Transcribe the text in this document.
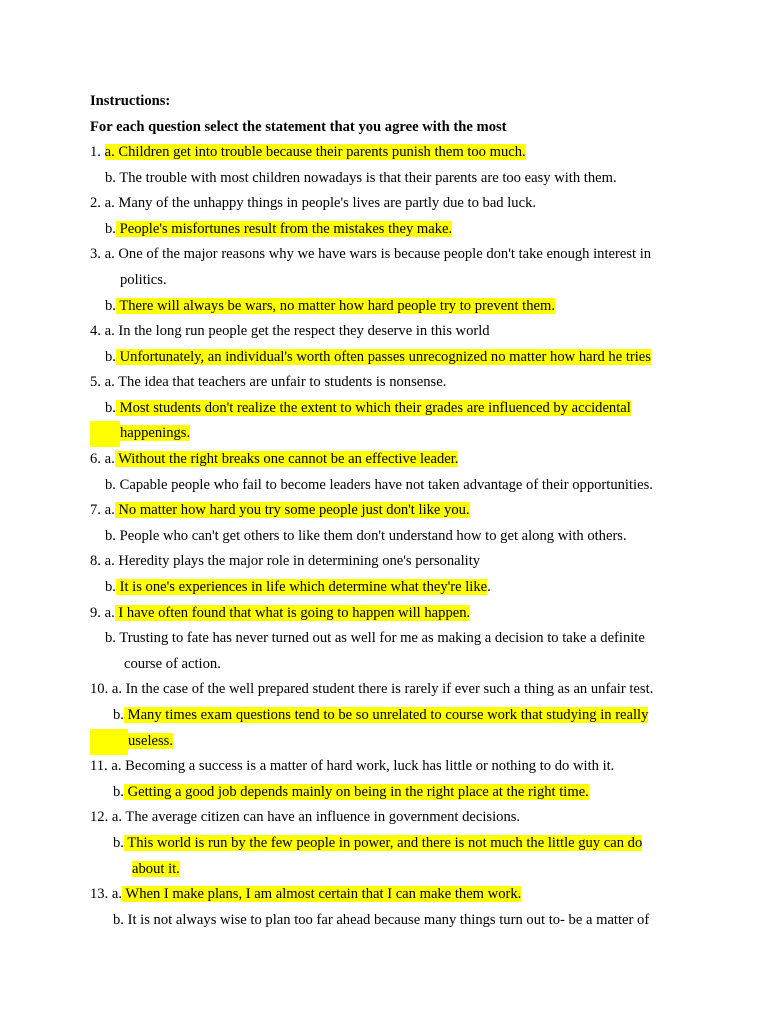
Instructions:
For each question select the statement that you agree with the most
1. a. Children get into trouble because their parents punish them too much.
b. The trouble with most children nowadays is that their parents are too easy with them.
2. a. Many of the unhappy things in people's lives are partly due to bad luck.
b. People's misfortunes result from the mistakes they make.
3. a. One of the major reasons why we have wars is because people don't take enough interest in
politics.
b. There will always be wars, no matter how hard people try to prevent them.
4. a. In the long run people get the respect they deserve in this world
b. Unfortunately, an individual's worth often passes unrecognized no matter how hard he tries
5. a. The idea that teachers are unfair to students is nonsense.
b. Most students don't realize the extent to which their grades are influenced by accidental
happenings.
6. a. Without the right breaks one cannot be an effective leader.
b. Capable people who fail to become leaders have not taken advantage of their opportunities.
7. a. No matter how hard you try some people just don't like you.
b. People who can't get others to like them don't understand how to get along with others.
8. a. Heredity plays the major role in determining one's personality
b. It is one's experiences in life which determine what they're like.
9. a. I have often found that what is going to happen will happen.
b. Trusting to fate has never turned out as well for me as making a decision to take a definite
course of action.
10. a. In the case of the well prepared student there is rarely if ever such a thing as an unfair test.
b. Many times exam questions tend to be so unrelated to course work that studying in really
useless.
11. a. Becoming a success is a matter of hard work, luck has little or nothing to do with it.
b. Getting a good job depends mainly on being in the right place at the right time.
12. a. The average citizen can have an influence in government decisions.
b. This world is run by the few people in power, and there is not much the little guy can do
about it.
13. a. When I make plans, I am almost certain that I can make them work.
b. It is not always wise to plan too far ahead because many things turn out to- be a matter of
